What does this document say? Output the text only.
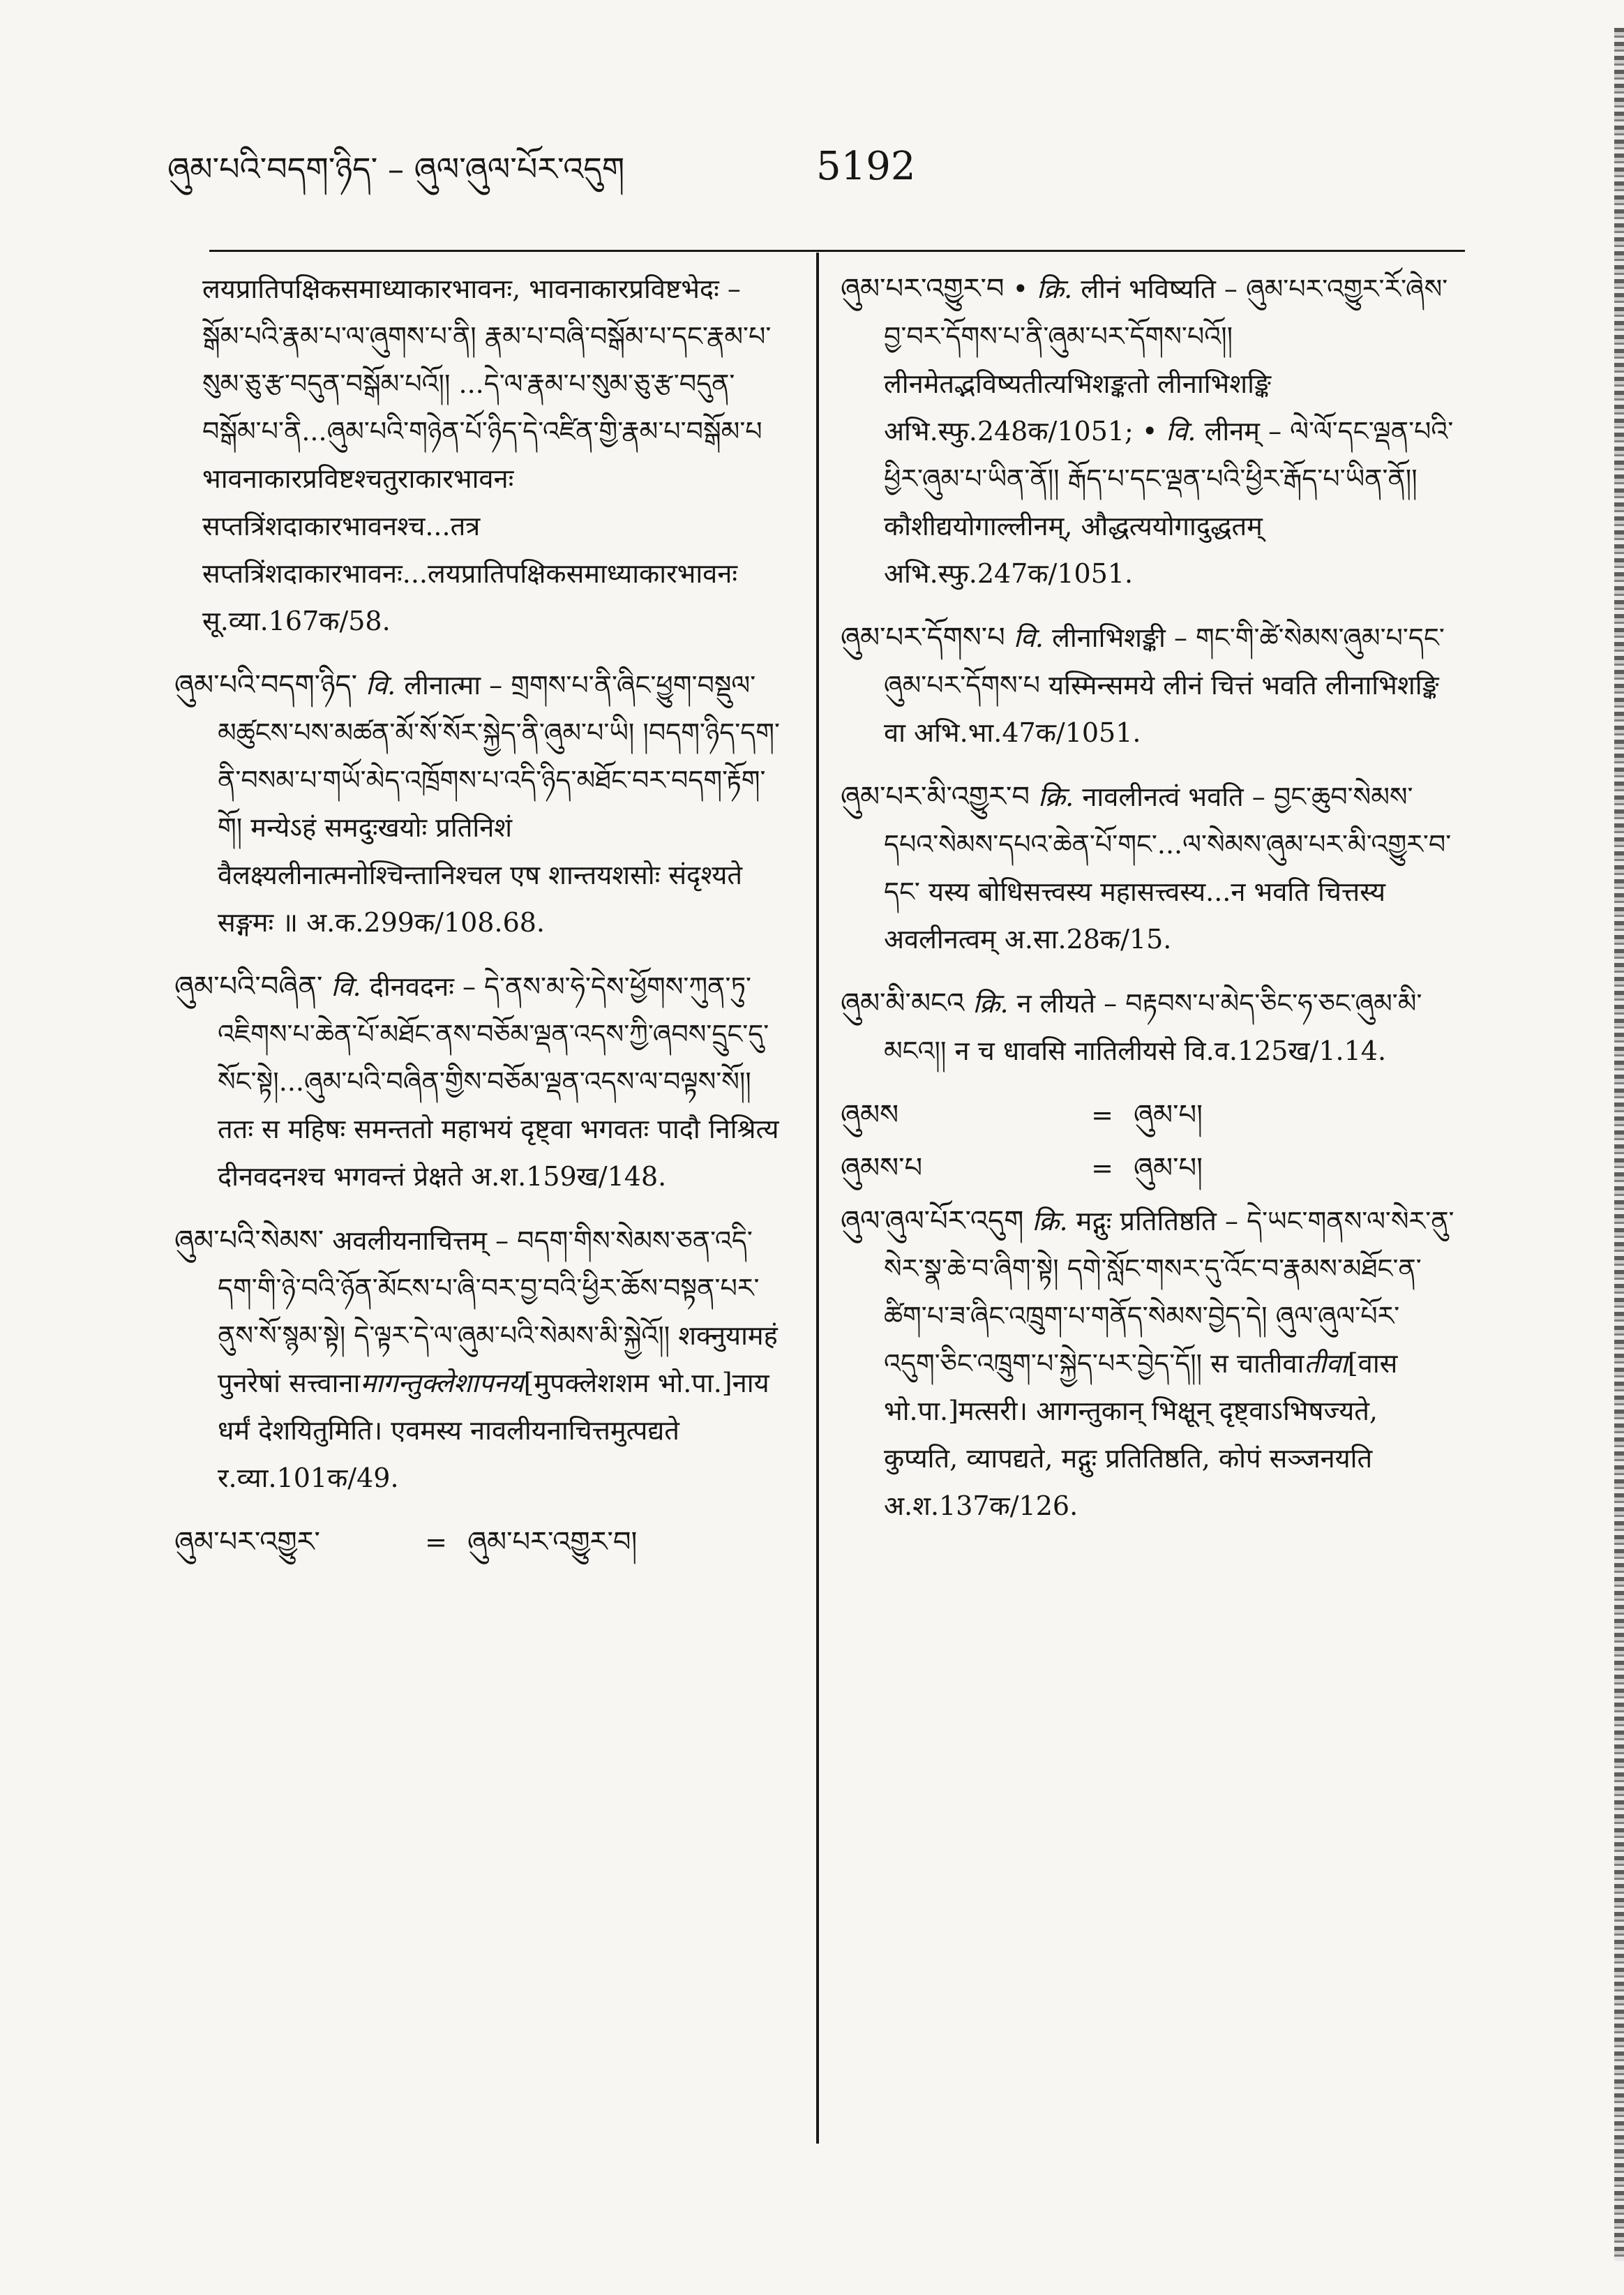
ཞུམ་པའི་བདག་ཉིད་ – ཞུལ་ཞུལ་པོར་འདུག	5192

लयप्रातिपक्षिकसमाध्याकारभावनः, भावनाकारप्रविष्टभेदः – སྒོམ་པའི་རྣམ་པ་ལ་ཞུགས་པ་ནི། རྣམ་པ་བཞི་བསྒོམ་པ་དང་རྣམ་པ་སུམ་ཅུ་རྩ་བདུན་བསྒོམ་པའོ།། ...དེ་ལ་རྣམ་པ་སུམ་ཅུ་རྩ་བདུན་བསྒོམ་པ་ནི...ཞུམ་པའི་གཉེན་པོ་ཉིད་དེ་འཛིན་གྱི་རྣམ་པ་བསྒོམ་པ भावनाकारप्रविष्टश्चतुराकारभावनः सप्तत्रिंशदाकारभावनश्च...तत्र सप्तत्रिंशदाकारभावनः...लयप्रातिपक्षिकसमाध्याकारभावनः सू.व्या.167क/58.

ཞུམ་པའི་བདག་ཉིད་ वि. लीनात्मा – གྲགས་པ་ནི་ཞིང་ཕྱུག་བསྡུལ་མཚུངས་པས་མཚན་མོ་སོ་སོར་སྐྱེད་ནི་ཞུམ་པ་ཡི། །བདག་ཉིད་དག་ནི་བསམ་པ་གཡོ་མེད་འཁྲོགས་པ་འདི་ཉིད་མཐོང་བར་བདག་རྟོག་གོ། मन्येऽहं समदुःखयोः प्रतिनिशं वैलक्ष्यलीनात्मनोश्चिन्तानिश्चल एष शान्तयशसोः संदृश्यते सङ्गमः ॥ अ.क.299क/108.68.

ཞུམ་པའི་བཞིན་ वि. दीनवदनः – དེ་ནས་མ་ཧེ་དེས་ཕྱོགས་ཀུན་ཏུ་འཇིགས་པ་ཆེན་པོ་མཐོང་ནས་བཅོམ་ལྡན་འདས་ཀྱི་ཞབས་དྲུང་དུ་སོང་སྟེ།...ཞུམ་པའི་བཞིན་གྱིས་བཅོམ་ལྡན་འདས་ལ་བལྟས་སོ།། ततः स महिषः समन्ततो महाभयं दृष्ट्वा भगवतः पादौ निश्रित्य दीनवदनश्च भगवन्तं प्रेक्षते अ.श.159ख/148.

ཞུམ་པའི་སེམས་ अवलीयनाचित्तम् – བདག་གིས་སེམས་ཅན་འདི་དག་གི་ཉེ་བའི་ཉོན་མོངས་པ་ཞི་བར་བྱ་བའི་ཕྱིར་ཆོས་བསྟན་པར་ནུས་སོ་སྙམ་སྟེ། དེ་ལྟར་དེ་ལ་ཞུམ་པའི་སེམས་མི་སྐྱེའོ།། शक्नुयामहं पुनरेषां सत्त्वानामागन्तुक्लेशापनय[मुपक्लेशशम भो.पा.]नाय धर्मं देशयितुमिति। एवमस्य नावलीयनाचित्तमुत्पद्यते र.व्या.101क/49.

ཞུམ་པར་འགྱུར་	= ཞུམ་པར་འགྱུར་བ།

ཞུམ་པར་འགྱུར་བ • क्रि. लीनं भविष्यति – ཞུམ་པར་འགྱུར་རོ་ཞེས་བྱ་བར་དོགས་པ་ནི་ཞུམ་པར་དོགས་པའོ།། लीनमेतद्भविष्यतीत्यभिशङ्कतो लीनाभिशङ्कि अभि.स्फु.248क/1051; • वि. लीनम् – ལེ་ལོ་དང་ལྡན་པའི་ཕྱིར་ཞུམ་པ་ཡིན་ནོ།། རྒོད་པ་དང་ལྡན་པའི་ཕྱིར་རྒོད་པ་ཡིན་ནོ།། कौशीद्ययोगाल्लीनम्, औद्धत्ययोगादुद्धतम् अभि.स्फु.247क/1051.

ཞུམ་པར་དོགས་པ वि. लीनाभिशङ्की – གང་གི་ཚེ་སེམས་ཞུམ་པ་དང་ཞུམ་པར་དོགས་པ यस्मिन्समये लीनं चित्तं भवति लीनाभिशङ्कि वा अभि.भा.47क/1051.

ཞུམ་པར་མི་འགྱུར་བ क्रि. नावलीनत्वं भवति – བྱང་ཆུབ་སེམས་དཔའ་སེམས་དཔའ་ཆེན་པོ་གང་...ལ་སེམས་ཞུམ་པར་མི་འགྱུར་བ་དང་ यस्य बोधिसत्त्वस्य महासत्त्वस्य...न भवति चित्तस्य अवलीनत्वम् अ.सा.28क/15.

ཞུམ་མི་མངའ क्रि. न लीयते – བརྟབས་པ་མེད་ཅིང་ཧ་ཅང་ཞུམ་མི་མངའ།། न च धावसि नातिलीयसे वि.व.125ख/1.14.

ཞུམས	= ཞུམ་པ།
ཞུམས་པ	= ཞུམ་པ།

ཞུལ་ཞུལ་པོར་འདུག क्रि. मद्गुः प्रतितिष्ठति – དེ་ཡང་གནས་ལ་སེར་ནུ་སེར་སྣ་ཆེ་བ་ཞིག་སྟེ། དགེ་སློང་གསར་དུ་འོང་བ་རྣམས་མཐོང་ན་ཚིག་པ་ཟ་ཞིང་འཁྲུག་པ་གནོད་སེམས་བྱེད་དེ། ཞུལ་ཞུལ་པོར་འདུག་ཅིང་འཁྲུག་པ་སྐྱེད་པར་བྱེད་དོ།། स चातीवातीवा[वास भो.पा.]मत्सरी। आगन्तुकान् भिक्षून् दृष्ट्वाऽभिषज्यते, कुप्यति, व्यापद्यते, मद्गुः प्रतितिष्ठति, कोपं सञ्जनयति अ.श.137क/126.
